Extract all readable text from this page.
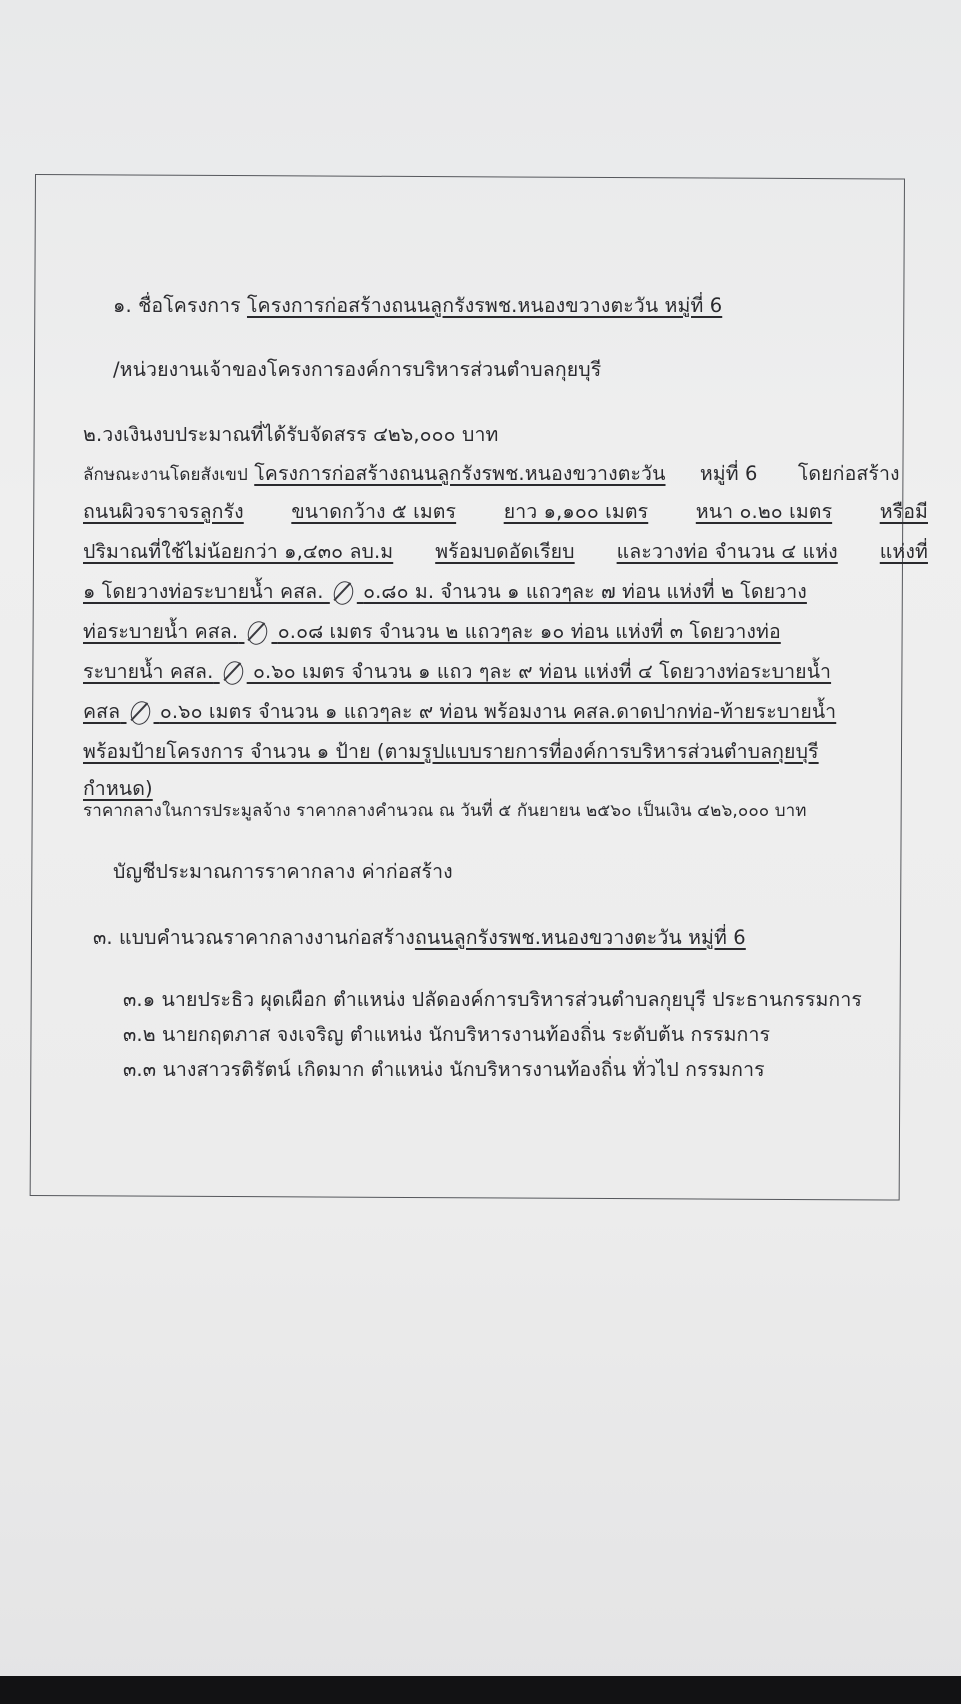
๑. ชื่อโครงการ โครงการก่อสร้างถนนลูกรังรพช.หนองขวางตะวัน หมู่ที่ 6
/หน่วยงานเจ้าของโครงการองค์การบริหารส่วนตำบลกุยบุรี
๒.วงเงินงบประมาณที่ได้รับจัดสรร ๔๒๖,๐๐๐ บาท
ลักษณะงานโดยสังเขป โครงการก่อสร้างถนนลูกรังรพช.หนองขวางตะวัน หมู่ที่ 6 โดยก่อสร้าง
ถนนผิวจราจรลูกรัง ขนาดกว้าง ๕ เมตร ยาว ๑,๑๐๐ เมตร หนา ๐.๒๐ เมตร หรือมี
ปริมาณที่ใช้ไม่น้อยกว่า ๑,๔๓๐ ลบ.ม พร้อมบดอัดเรียบ และวางท่อ จำนวน ๔ แห่ง แห่งที่
๑ โดยวางท่อระบายน้ำ คสล. ๐.๘๐ ม. จำนวน ๑ แถวๆละ ๗ ท่อน แห่งที่ ๒ โดยวาง
ท่อระบายน้ำ คสล. ๐.๐๘ เมตร จำนวน ๒ แถวๆละ ๑๐ ท่อน แห่งที่ ๓ โดยวางท่อ
ระบายน้ำ คสล. ๐.๖๐ เมตร จำนวน ๑ แถว ๆละ ๙ ท่อน แห่งที่ ๔ โดยวางท่อระบายน้ำ
คสล ๐.๖๐ เมตร จำนวน ๑ แถวๆละ ๙ ท่อน พร้อมงาน คสล.ดาดปากท่อ-ท้ายระบายน้ำ
พร้อมป้ายโครงการ จำนวน ๑ ป้าย (ตามรูปแบบรายการที่องค์การบริหารส่วนตำบลกุยบุรี
กำหนด)
ราคากลางในการประมูลจ้าง ราคากลางคำนวณ ณ วันที่ ๕ กันยายน ๒๕๖๐ เป็นเงิน ๔๒๖,๐๐๐ บาท
บัญชีประมาณการราคากลาง ค่าก่อสร้าง
๓. แบบคำนวณราคากลางงานก่อสร้างถนนลูกรังรพช.หนองขวางตะวัน หมู่ที่ 6
๓.๑ นายประธิว ผุดเผือก ตำแหน่ง ปลัดองค์การบริหารส่วนตำบลกุยบุรี ประธานกรรมการ
๓.๒ นายกฤตภาส จงเจริญ ตำแหน่ง นักบริหารงานท้องถิ่น ระดับต้น กรรมการ
๓.๓ นางสาวรติรัตน์ เกิดมาก ตำแหน่ง นักบริหารงานท้องถิ่น ทั่วไป กรรมการ
